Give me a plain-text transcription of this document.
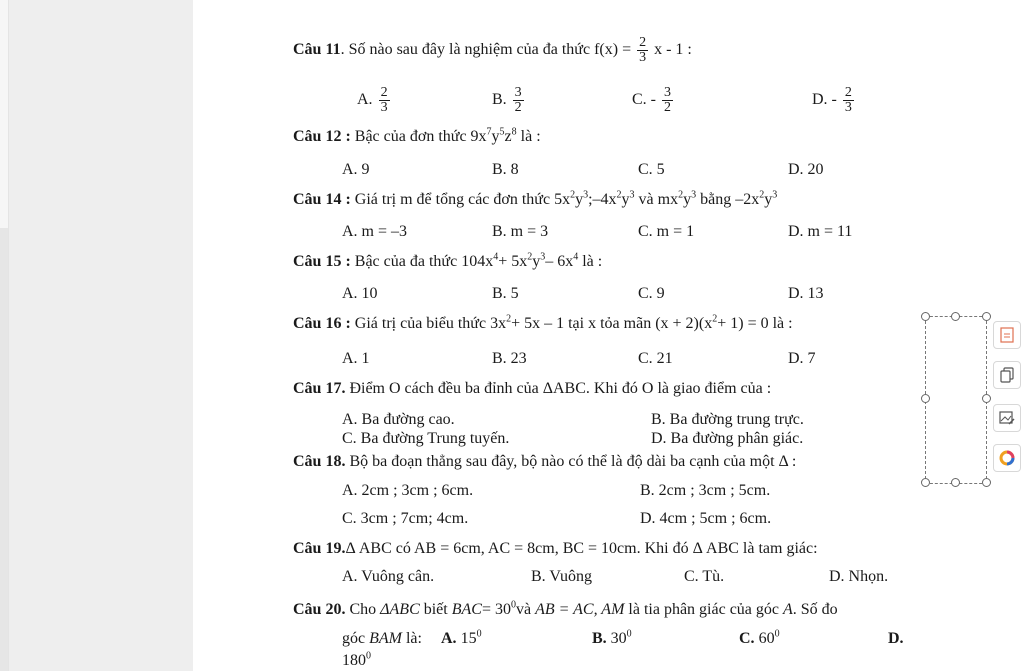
Câu 11. Số nào sau đây là nghiệm của đa thức $f(x) = \frac{2}{3}$ x - 1 :
A. $\frac{2}{3}$	B. $\frac{3}{2}$	C. - $\frac{3}{2}$	D. - $\frac{2}{3}$
Câu 12 : Bậc của đơn thức $9x^7y^5z^8$ là :
A. 9	B. 8	C. 5	D. 20
Câu 14 : Giá trị m để tổng các đơn thức $5x^2y^3;-4x^2y^3$ và $mx^2y^3$ bằng $-2x^2y^3$
A. m = –3	B. m = 3	C. m = 1	D. m = 11
Câu 15 : Bậc của đa thức $104x^4+ 5x^2y^3-$ $6x^4$ là :
A. 10	B. 5	C. 9	D. 13
Câu 16 : Giá trị của biểu thức $3x^2+ 5x - 1$ tại x tỏa mãn $(x + 2)(x^2+ 1) = 0$ là :
A. 1	B. 23	C. 21	D. 7
Câu 17. Điểm O cách đều ba đỉnh của ΔABC. Khi đó O là giao điểm của :
A. Ba đường cao.	B. Ba đường trung trực.
C. Ba đường Trung tuyến.	D. Ba đường phân giác.
Câu 18. Bộ ba đoạn thẳng sau đây, bộ nào có thể là độ dài ba cạnh của một Δ :
A. 2cm ; 3cm ; 6cm.	B. 2cm ; 3cm ; 5cm.
C. 3cm ; 7cm; 4cm.	D. 4cm ; 5cm ; 6cm.
Câu 19.Δ ABC có AB = 6cm, AC = 8cm, BC = 10cm. Khi đó Δ ABC là tam giác:
A. Vuông cân.	B. Vuông	C. Tù.	D. Nhọn.
Câu 20. Cho ΔABC biết $BAC= 30^0và$ AB = AC, AM là tia phân giác của góc A. Số đo
góc BAM là: A. $15^0$	B. $30^0$	C. $60^0$	D.
$180^0$
